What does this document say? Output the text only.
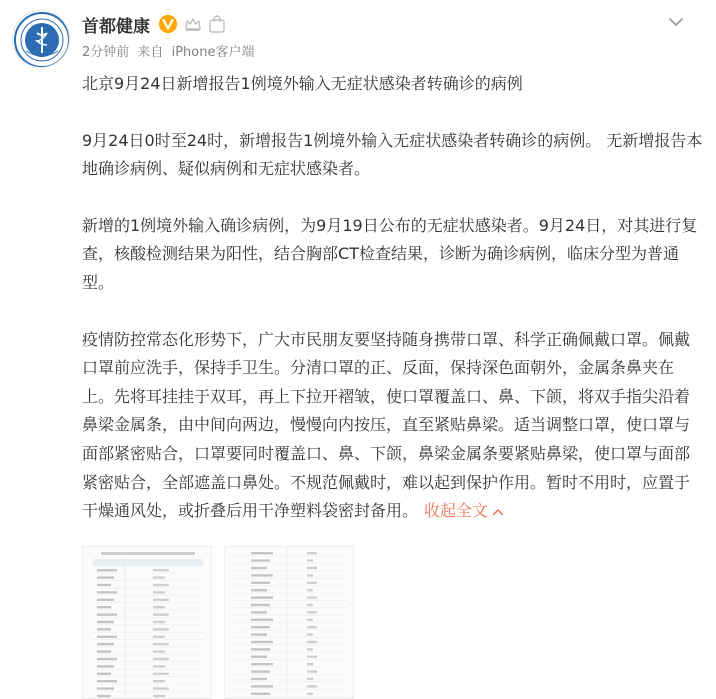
首都健康
2分钟前 来自 iPhone客户端

北京9月24日新增报告1例境外输入无症状感染者转确诊的病例

9月24日0时至24时，新增报告1例境外输入无症状感染者转确诊的病例。 无新增报告本地确诊病例、疑似病例和无症状感染者。

新增的1例境外输入确诊病例，为9月19日公布的无症状感染者。9月24日，对其进行复查，核酸检测结果为阳性，结合胸部CT检查结果，诊断为确诊病例，临床分型为普通型。

疫情防控常态化形势下，广大市民朋友要坚持随身携带口罩、科学正确佩戴口罩。佩戴口罩前应洗手，保持手卫生。分清口罩的正、反面，保持深色面朝外，金属条鼻夹在上。先将耳挂挂于双耳，再上下拉开褶皱，使口罩覆盖口、鼻、下颌，将双手指尖沿着鼻梁金属条，由中间向两边，慢慢向内按压，直至紧贴鼻梁。适当调整口罩，使口罩与面部紧密贴合，口罩要同时覆盖口、鼻、下颌，鼻梁金属条要紧贴鼻梁，使口罩与面部紧密贴合，全部遮盖口鼻处。不规范佩戴时，难以起到保护作用。暂时不用时，应置于干燥通风处，或折叠后用干净塑料袋密封备用。 收起全文
